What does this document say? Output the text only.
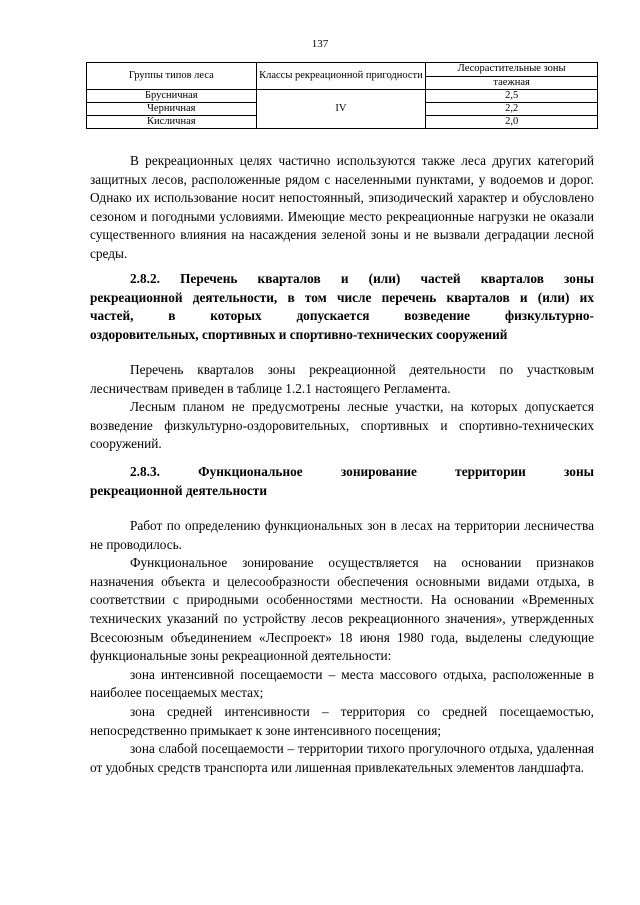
137
Группы типов леса	Классы рекреационной пригодности	Лесорастительные зоны
		таежная
Брусничная	IV	2,5
Черничная		2,2
Кисличная		2,0

В рекреационных целях частично используются также леса других категорий защитных лесов, расположенные рядом с населенными пунктами, у водоемов и дорог. Однако их использование носит непостоянный, эпизодический характер и обусловлено сезоном и погодными условиями. Имеющие место рекреационные нагрузки не оказали существенного влияния на насаждения зеленой зоны и не вызвали деградации лесной среды.

2.8.2. Перечень кварталов и (или) частей кварталов зоны
рекреационной деятельности, в том числе перечень кварталов и (или) их
частей, в которых допускается возведение физкультурно-
оздоровительных, спортивных и спортивно-технических сооружений

Перечень кварталов зоны рекреационной деятельности по участковым лесничествам приведен в таблице 1.2.1 настоящего Регламента.

Лесным планом не предусмотрены лесные участки, на которых допускается возведение физкультурно-оздоровительных, спортивных и спортивно-технических сооружений.

2.8.3. Функциональное зонирование территории зоны
рекреационной деятельности

Работ по определению функциональных зон в лесах на территории лесничества не проводилось.

Функциональное зонирование осуществляется на основании признаков назначения объекта и целесообразности обеспечения основными видами отдыха, в соответствии с природными особенностями местности. На основании «Временных технических указаний по устройству лесов рекреационного значения», утвержденных Всесоюзным объединением «Леспроект» 18 июня 1980 года, выделены следующие функциональные зоны рекреационной деятельности:

зона интенсивной посещаемости – места массового отдыха, расположенные в наиболее посещаемых местах;

зона средней интенсивности – территория со средней посещаемостью, непосредственно примыкает к зоне интенсивного посещения;

зона слабой посещаемости – территории тихого прогулочного отдыха, удаленная от удобных средств транспорта или лишенная привлекательных элементов ландшафта.
